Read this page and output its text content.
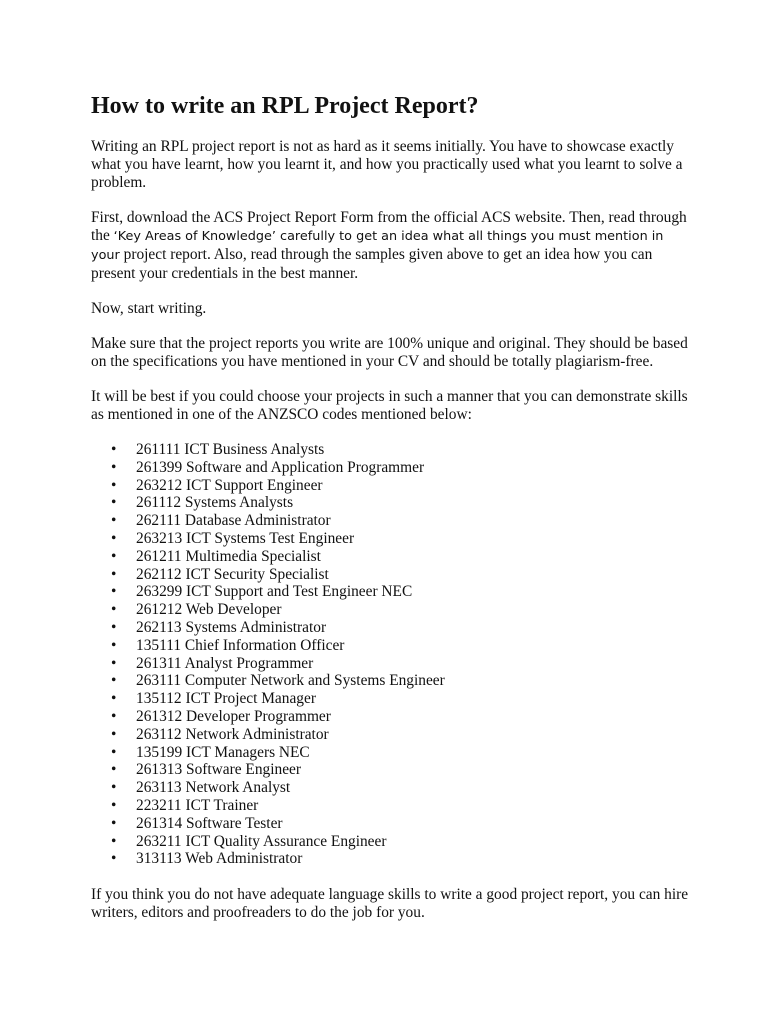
How to write an RPL Project Report?

Writing an RPL project report is not as hard as it seems initially. You have to showcase exactly what you have learnt, how you learnt it, and how you practically used what you learnt to solve a problem.

First, download the ACS Project Report Form from the official ACS website. Then, read through the ‘Key Areas of Knowledge’ carefully to get an idea what all things you must mention in your project report. Also, read through the samples given above to get an idea how you can present your credentials in the best manner.

Now, start writing.

Make sure that the project reports you write are 100% unique and original. They should be based on the specifications you have mentioned in your CV and should be totally plagiarism-free.

It will be best if you could choose your projects in such a manner that you can demonstrate skills as mentioned in one of the ANZSCO codes mentioned below:

• 261111 ICT Business Analysts
• 261399 Software and Application Programmer
• 263212 ICT Support Engineer
• 261112 Systems Analysts
• 262111 Database Administrator
• 263213 ICT Systems Test Engineer
• 261211 Multimedia Specialist
• 262112 ICT Security Specialist
• 263299 ICT Support and Test Engineer NEC
• 261212 Web Developer
• 262113 Systems Administrator
• 135111 Chief Information Officer
• 261311 Analyst Programmer
• 263111 Computer Network and Systems Engineer
• 135112 ICT Project Manager
• 261312 Developer Programmer
• 263112 Network Administrator
• 135199 ICT Managers NEC
• 261313 Software Engineer
• 263113 Network Analyst
• 223211 ICT Trainer
• 261314 Software Tester
• 263211 ICT Quality Assurance Engineer
• 313113 Web Administrator

If you think you do not have adequate language skills to write a good project report, you can hire writers, editors and proofreaders to do the job for you.
